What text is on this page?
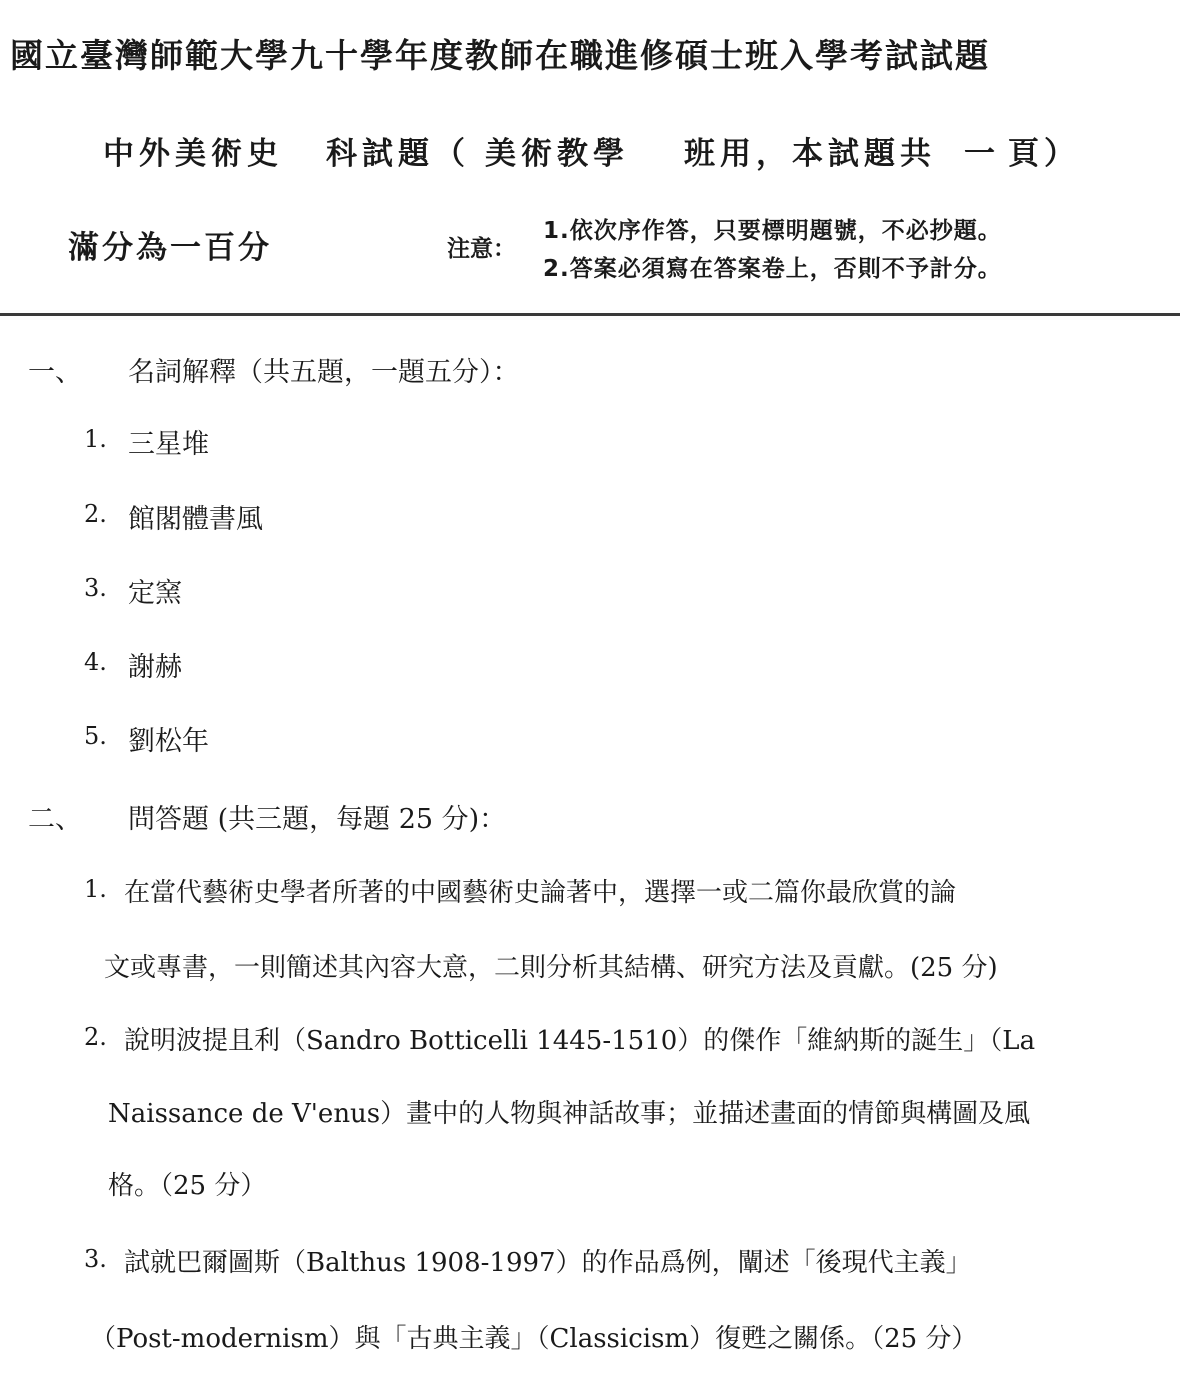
國立臺灣師範大學九十學年度教師在職進修碩士班入學考試試題
中外美術史 科試題（ 美術教學 班用，本試題共 一 頁）
滿分為一百分	注意：
1.依次序作答，只要標明題號，不必抄題。
2.答案必須寫在答案卷上，否則不予計分。
一、 名詞解釋（共五題，一題五分）：
1. 三星堆
2. 館閣體書風
3. 定窯
4. 謝赫
5. 劉松年
二、 問答題 (共三題，每題 25 分)：
1. 在當代藝術史學者所著的中國藝術史論著中，選擇一或二篇你最欣賞的論
文或專書，一則簡述其內容大意，二則分析其結構、研究方法及貢獻。(25 分)
2. 說明波提且利（Sandro Botticelli 1445-1510）的傑作「維納斯的誕生」（La
Naissance de V'enus）畫中的人物與神話故事；並描述畫面的情節與構圖及風
格。（25 分）
3. 試就巴爾圖斯（Balthus 1908-1997）的作品爲例，闡述「後現代主義」
（Post-modernism）與「古典主義」（Classicism）復甦之關係。（25 分）
